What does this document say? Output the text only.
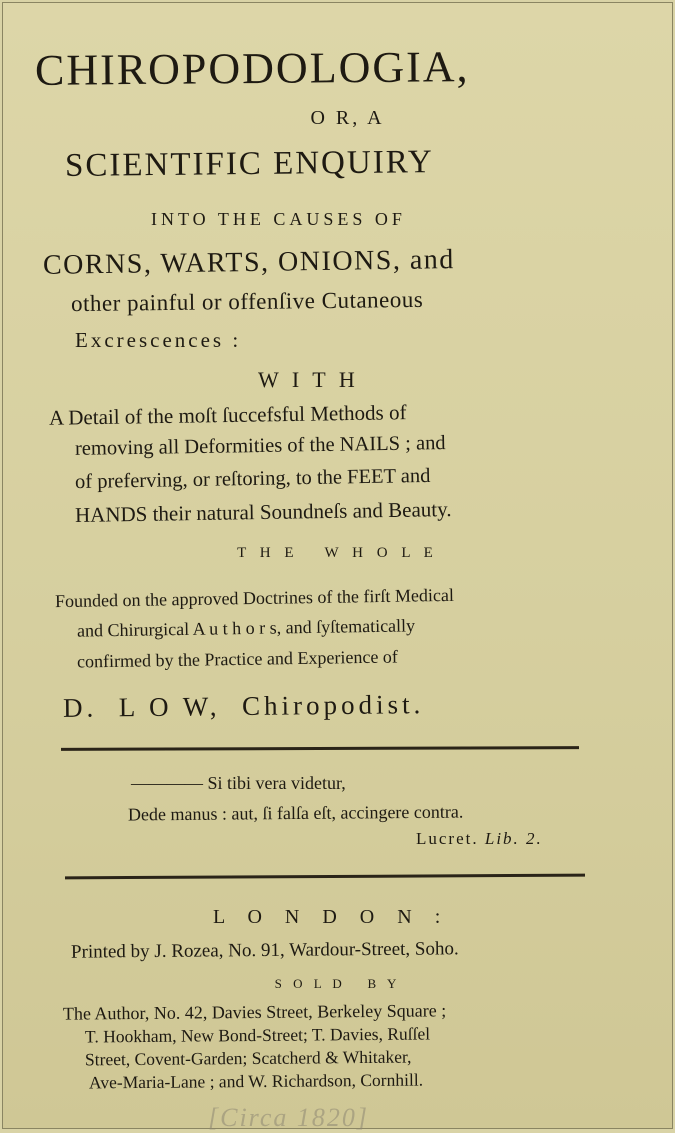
CHIROPODOLOGIA,
O R, A
SCIENTIFIC ENQUIRY
INTO THE CAUSES OF
CORNS, WARTS, ONIONS, and
other painful or offenſive Cutaneous
Excrescences :
W I T H
A Detail of the moſt ſuccefsful Methods of
removing all Deformities of the NAILS ; and
of preferving, or reſtoring, to the FEET and
HANDS their natural Soundneſs and Beauty.
T H E   W H O L E
Founded on the approved Doctrines of the firſt Medical
and Chirurgical A u t h o r s, and ſyſtematically
confirmed by the Practice and Experience of
D.  L O W,  Chiropodist.
———— Si tibi vera videtur,
Dede manus : aut, ſi falſa eſt, accingere contra.
Lucret. Lib. 2.
L O N D O N :
Printed by J. Rozea, No. 91, Wardour-Street, Soho.
S O L D   B Y
The Author, No. 42, Davies Street, Berkeley Square ;
T. Hookham, New Bond-Street; T. Davies, Ruſſel
Street, Covent-Garden; Scatcherd & Whitaker,
Ave-Maria-Lane ; and W. Richardson, Cornhill.
[Circa 1820]
